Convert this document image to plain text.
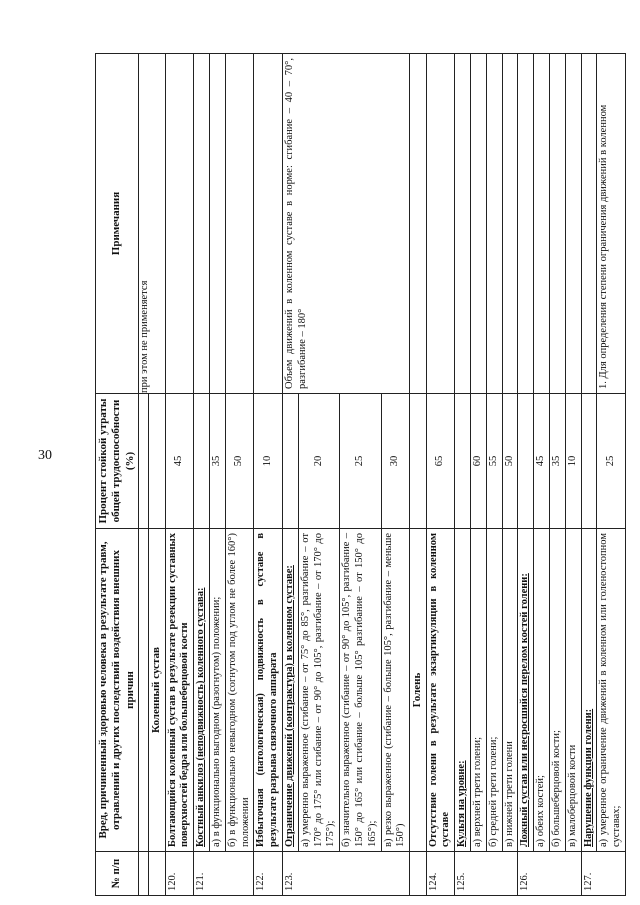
30
№ п/п	Вред, причиненный здоровью человека в результате травм, отравлений и других последствий воздействия внешних причин	Процент стойкой утраты общей трудоспособности (%)	Примечания
			при этом не применяется
	Коленный сустав		
120.	Болтающийся коленный сустав в результате резекции суставных поверхностей бедра или большеберцовой кости	45	
121.	Костный анкилоз (неподвижность) коленного сустава:		
	а) в функционально выгодном (разогнутом) положении;	35	
	б) в функционально невыгодном (согнутом под углом не более 160°) положении	50	
122.	Избыточная (патологическая) подвижность в суставе в результате разрыва связочного аппарата	10	
123.	Ограничение движений (контрактура) в коленном суставе:		Объем движений в коленном суставе в норме: сгибание – 40 – 70°, разгибание – 180°
	а) умеренно выраженное (сгибание – от 75° до 85°, разгибание – от 170° до 175° или сгибание – от 90° до 105°, разгибание – от 170° до 175°);	20	
	б) значительно выраженное (сгибание – от 90° до 105°, разгибание – 150° до 165° или сгибание – больше 105° разгибание – от 150° до 165°);	25	
	в) резко выраженное (сгибание – больше 105°, разгибание – меньше 150°)	30	
	Голень		
124.	Отсутствие голени в результате экзартикуляции в коленном суставе	65	
125.	Культя на уровне:		
	а) верхней трети голени;	60	
	б) средней трети голени;	55	
	в) нижней трети голени	50	
126.	Ложный сустав или несросшийся перелом костей голени:		
	а) обеих костей;	45	
	б) большеберцовой кости;	35	
	в) малоберцовой кости	10	
127.	Нарушение функции голени:		
	а) умеренное ограничение движений в коленном или голеностопном суставах;	25	1. Для определения степени ограничения движений в коленном
